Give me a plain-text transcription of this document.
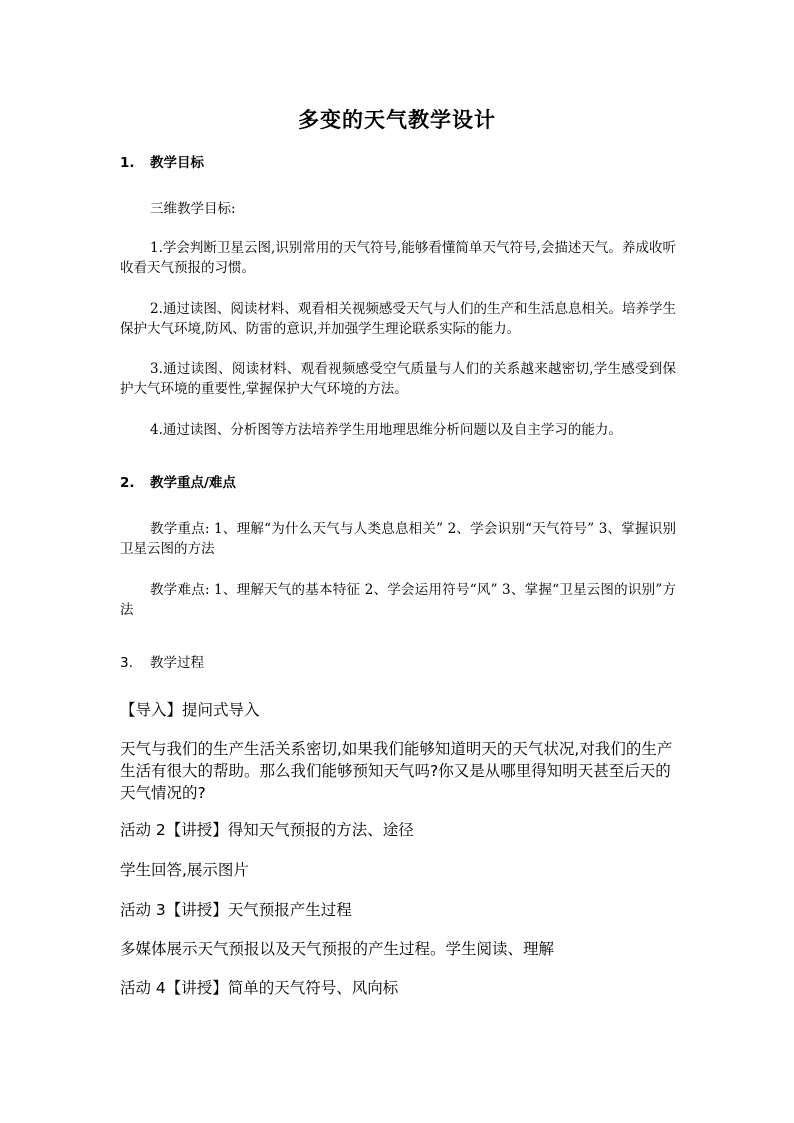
多变的天气教学设计
1. 教学目标
三维教学目标:
1.学会判断卫星云图,识别常用的天气符号,能够看懂简单天气符号,会描述天气。养成收听收看天气预报的习惯。
2.通过读图、阅读材料、观看相关视频感受天气与人们的生产和生活息息相关。培养学生保护大气环境,防风、防雷的意识,并加强学生理论联系实际的能力。
3.通过读图、阅读材料、观看视频感受空气质量与人们的关系越来越密切,学生感受到保护大气环境的重要性,掌握保护大气环境的方法。
4.通过读图、分析图等方法培养学生用地理思维分析问题以及自主学习的能力。
2. 教学重点/难点
教学重点: 1、理解“为什么天气与人类息息相关” 2、学会识别“天气符号” 3、掌握识别卫星云图的方法
教学难点: 1、理解天气的基本特征 2、学会运用符号“风” 3、掌握“卫星云图的识别”方法
3. 教学过程
【导入】提问式导入
天气与我们的生产生活关系密切,如果我们能够知道明天的天气状况,对我们的生产生活有很大的帮助。那么我们能够预知天气吗?你又是从哪里得知明天甚至后天的天气情况的?
活动 2【讲授】得知天气预报的方法、途径
学生回答,展示图片
活动 3【讲授】天气预报产生过程
多媒体展示天气预报以及天气预报的产生过程。学生阅读、理解
活动 4【讲授】简单的天气符号、风向标
